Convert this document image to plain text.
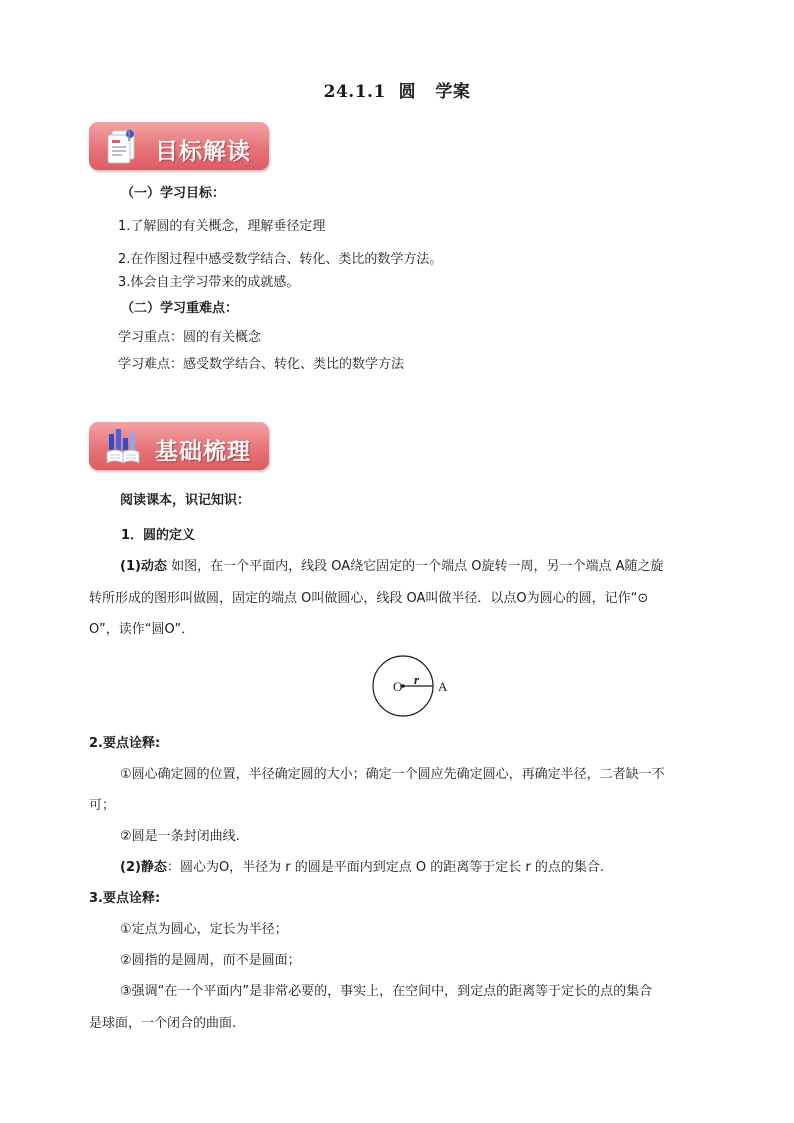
24.1.1  圆   学案
目标解读
（一）学习目标：
1.了解圆的有关概念，理解垂径定理
2.在作图过程中感受数学结合、转化、类比的数学方法。
3.体会自主学习带来的成就感。
（二）学习重难点：
学习重点：圆的有关概念
学习难点：感受数学结合、转化、类比的数学方法
基础梳理
阅读课本，识记知识：
1．圆的定义
(1)动态 如图，在一个平面内，线段 OA绕它固定的一个端点 O旋转一周，另一个端点 A随之旋
转所形成的图形叫做圆，固定的端点 O叫做圆心，线段 OA叫做半径．以点O为圆心的圆，记作“⊙
O”，读作“圆O”．
O r A
2.要点诠释:
①圆心确定圆的位置，半径确定圆的大小；确定一个圆应先确定圆心，再确定半径，二者缺一不
可；
②圆是一条封闭曲线.
(2)静态：圆心为O，半径为 r 的圆是平面内到定点 O 的距离等于定长 r 的点的集合.
3.要点诠释:
①定点为圆心，定长为半径；
②圆指的是圆周，而不是圆面；
③强调“在一个平面内”是非常必要的，事实上，在空间中，到定点的距离等于定长的点的集合
是球面，一个闭合的曲面.
